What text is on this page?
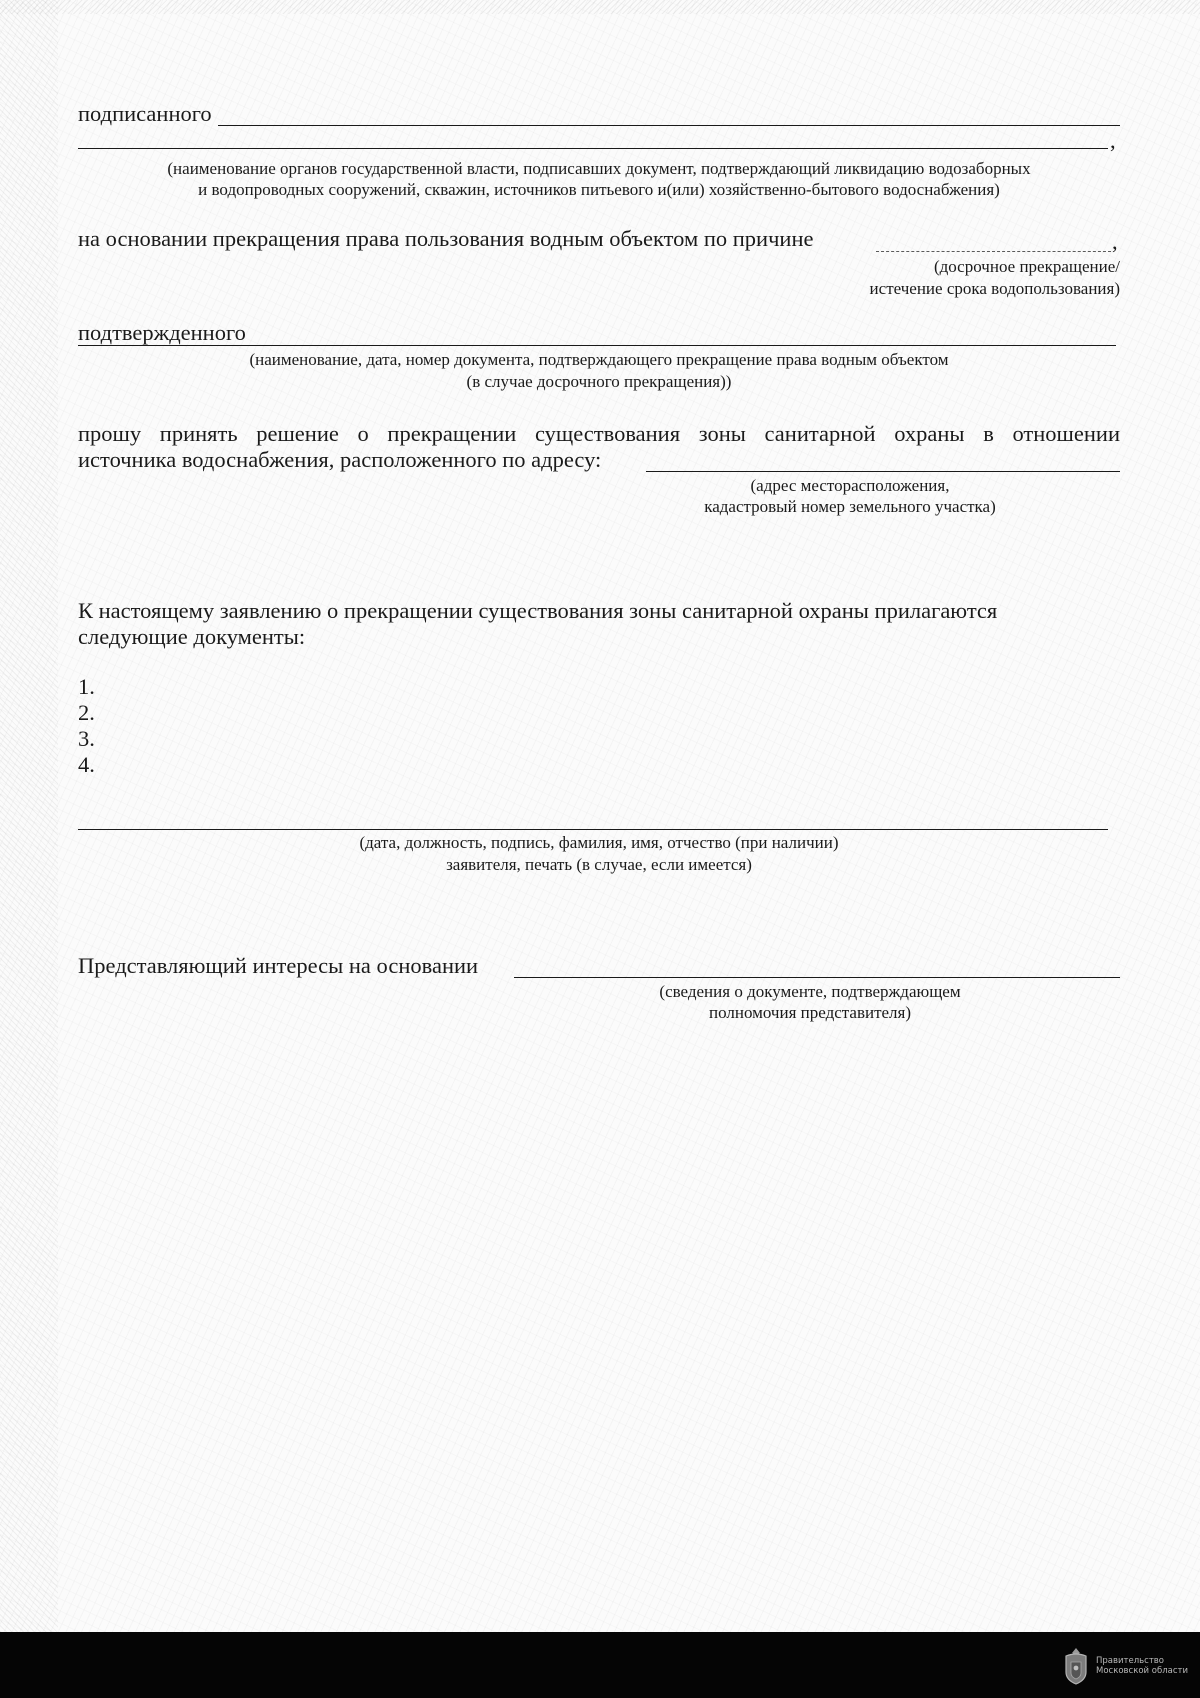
подписанного
,
(наименование органов государственной власти, подписавших документ, подтверждающий ликвидацию водозаборных
и водопроводных сооружений, скважин, источников питьевого и(или) хозяйственно-бытового водоснабжения)
на основании прекращения права пользования водным объектом по причине	,
(досрочное прекращение/
истечение срока водопользования)
подтвержденного
(наименование, дата, номер документа, подтверждающего прекращение права водным объектом
(в случае досрочного прекращения))
прошу принять решение о прекращении существования зоны санитарной охраны в отношении
источника водоснабжения, расположенного по адресу:
(адрес месторасположения,
кадастровый номер земельного участка)
К настоящему заявлению о прекращении существования зоны санитарной охраны прилагаются
следующие документы:
1.
2.
3.
4.
(дата, должность, подпись, фамилия, имя, отчество (при наличии)
заявителя, печать (в случае, если имеется)
Представляющий интересы на основании
(сведения о документе, подтверждающем
полномочия представителя)
Правительство
Московской области
